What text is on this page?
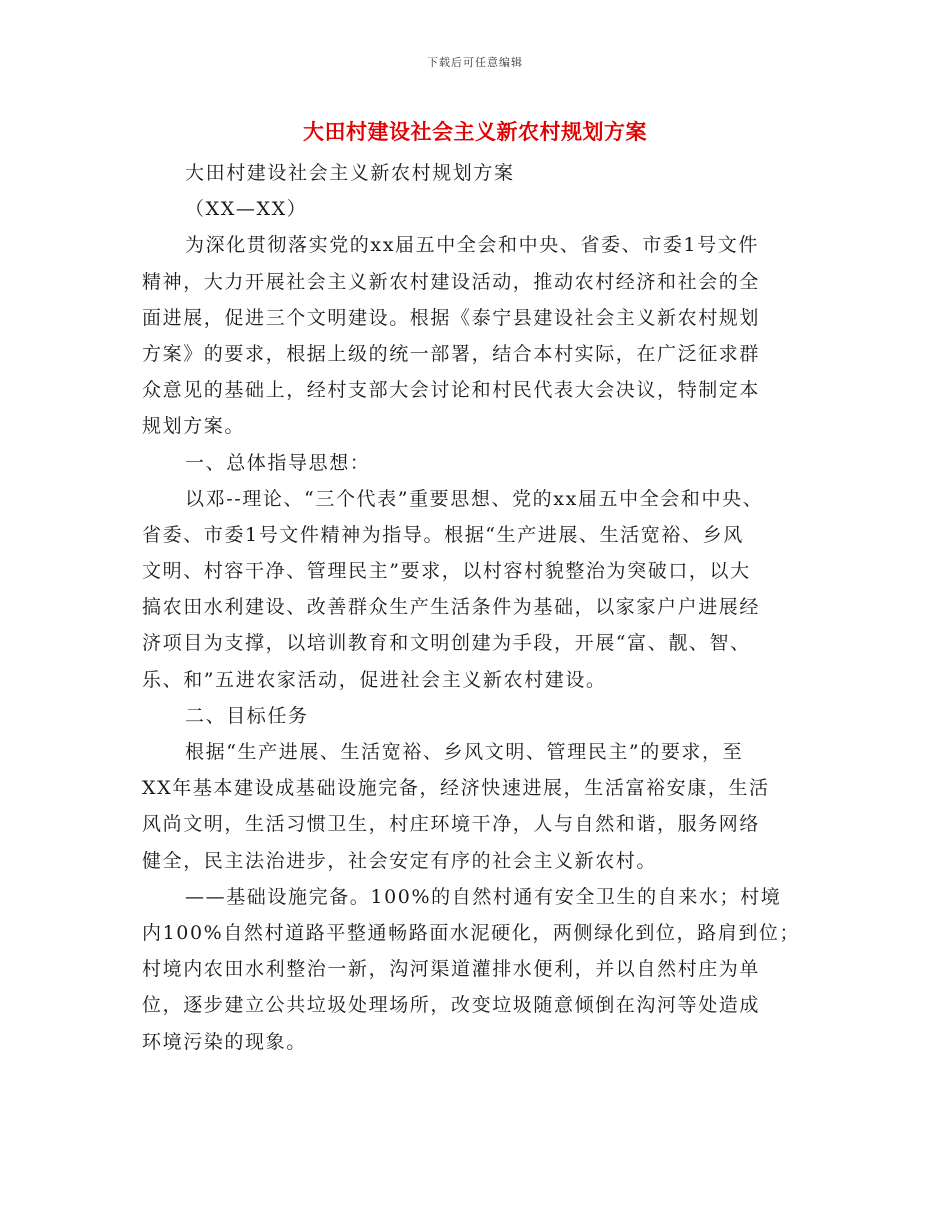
下载后可任意编辑
大田村建设社会主义新农村规划方案
大田村建设社会主义新农村规划方案
（XX—XX）
为深化贯彻落实党的xx届五中全会和中央、省委、市委1号文件
精神，大力开展社会主义新农村建设活动，推动农村经济和社会的全
面进展，促进三个文明建设。根据《泰宁县建设社会主义新农村规划
方案》的要求，根据上级的统一部署，结合本村实际，在广泛征求群
众意见的基础上，经村支部大会讨论和村民代表大会决议，特制定本
规划方案。
一、总体指导思想：
以邓--理论、“三个代表”重要思想、党的xx届五中全会和中央、
省委、市委1号文件精神为指导。根据“生产进展、生活宽裕、乡风
文明、村容干净、管理民主”要求，以村容村貌整治为突破口，以大
搞农田水利建设、改善群众生产生活条件为基础，以家家户户进展经
济项目为支撑，以培训教育和文明创建为手段，开展“富、靓、智、
乐、和”五进农家活动，促进社会主义新农村建设。
二、目标任务
根据“生产进展、生活宽裕、乡风文明、管理民主”的要求，至
XX年基本建设成基础设施完备，经济快速进展，生活富裕安康，生活
风尚文明，生活习惯卫生，村庄环境干净，人与自然和谐，服务网络
健全，民主法治进步，社会安定有序的社会主义新农村。
——基础设施完备。100%的自然村通有安全卫生的自来水；村境
内100%自然村道路平整通畅路面水泥硬化，两侧绿化到位，路肩到位；
村境内农田水利整治一新，沟河渠道灌排水便利，并以自然村庄为单
位，逐步建立公共垃圾处理场所，改变垃圾随意倾倒在沟河等处造成
环境污染的现象。
